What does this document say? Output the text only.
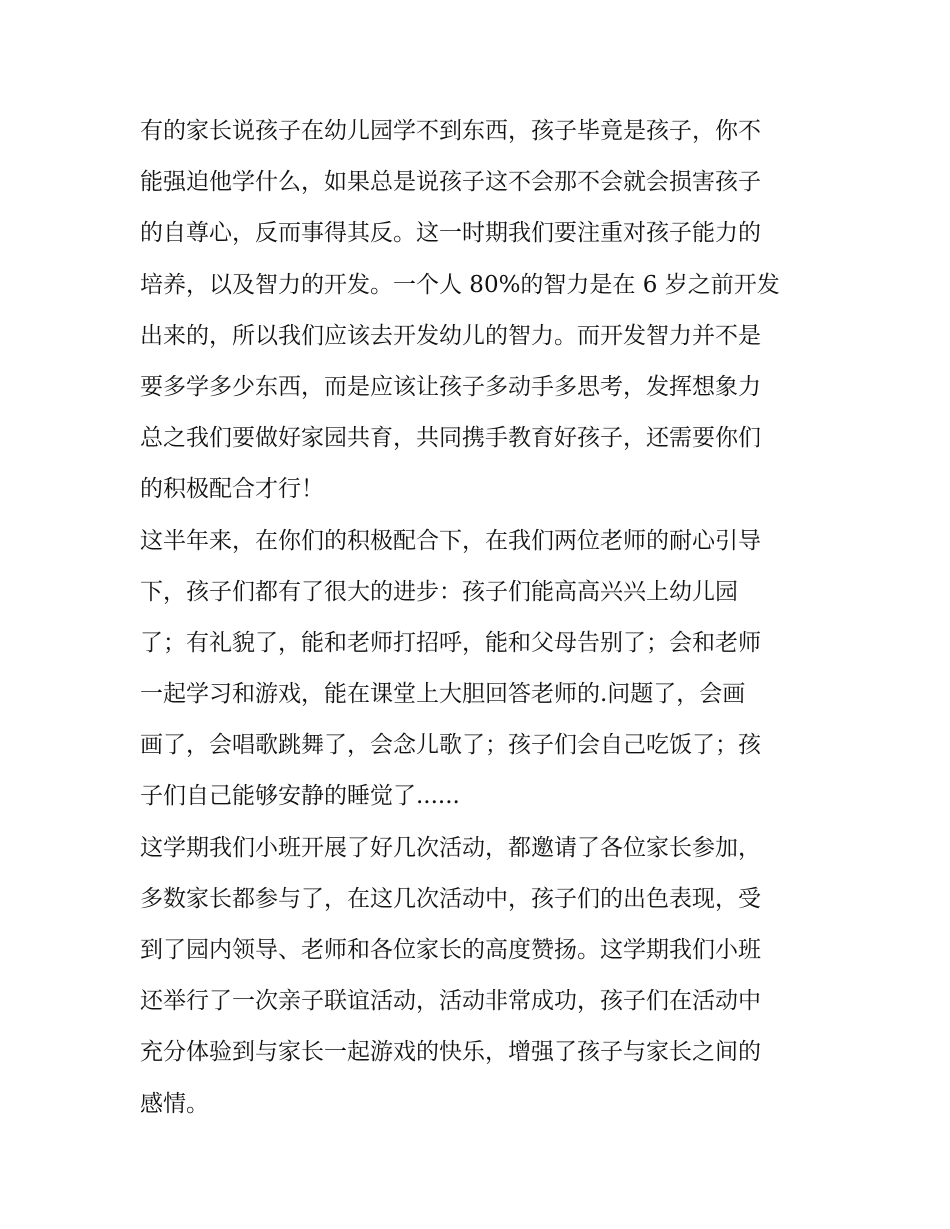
有的家长说孩子在幼儿园学不到东西，孩子毕竟是孩子，你不
能强迫他学什么，如果总是说孩子这不会那不会就会损害孩子
的自尊心，反而事得其反。这一时期我们要注重对孩子能力的
培养，以及智力的开发。一个人 80%的智力是在 6 岁之前开发
出来的，所以我们应该去开发幼儿的智力。而开发智力并不是
要多学多少东西，而是应该让孩子多动手多思考，发挥想象力
总之我们要做好家园共育，共同携手教育好孩子，还需要你们
的积极配合才行！
这半年来，在你们的积极配合下，在我们两位老师的耐心引导
下，孩子们都有了很大的进步：孩子们能高高兴兴上幼儿园
了；有礼貌了，能和老师打招呼，能和父母告别了；会和老师
一起学习和游戏，能在课堂上大胆回答老师的.问题了，会画
画了，会唱歌跳舞了，会念儿歌了；孩子们会自己吃饭了；孩
子们自己能够安静的睡觉了......
这学期我们小班开展了好几次活动，都邀请了各位家长参加，
多数家长都参与了，在这几次活动中，孩子们的出色表现，受
到了园内领导、老师和各位家长的高度赞扬。这学期我们小班
还举行了一次亲子联谊活动，活动非常成功，孩子们在活动中
充分体验到与家长一起游戏的快乐，增强了孩子与家长之间的
感情。
